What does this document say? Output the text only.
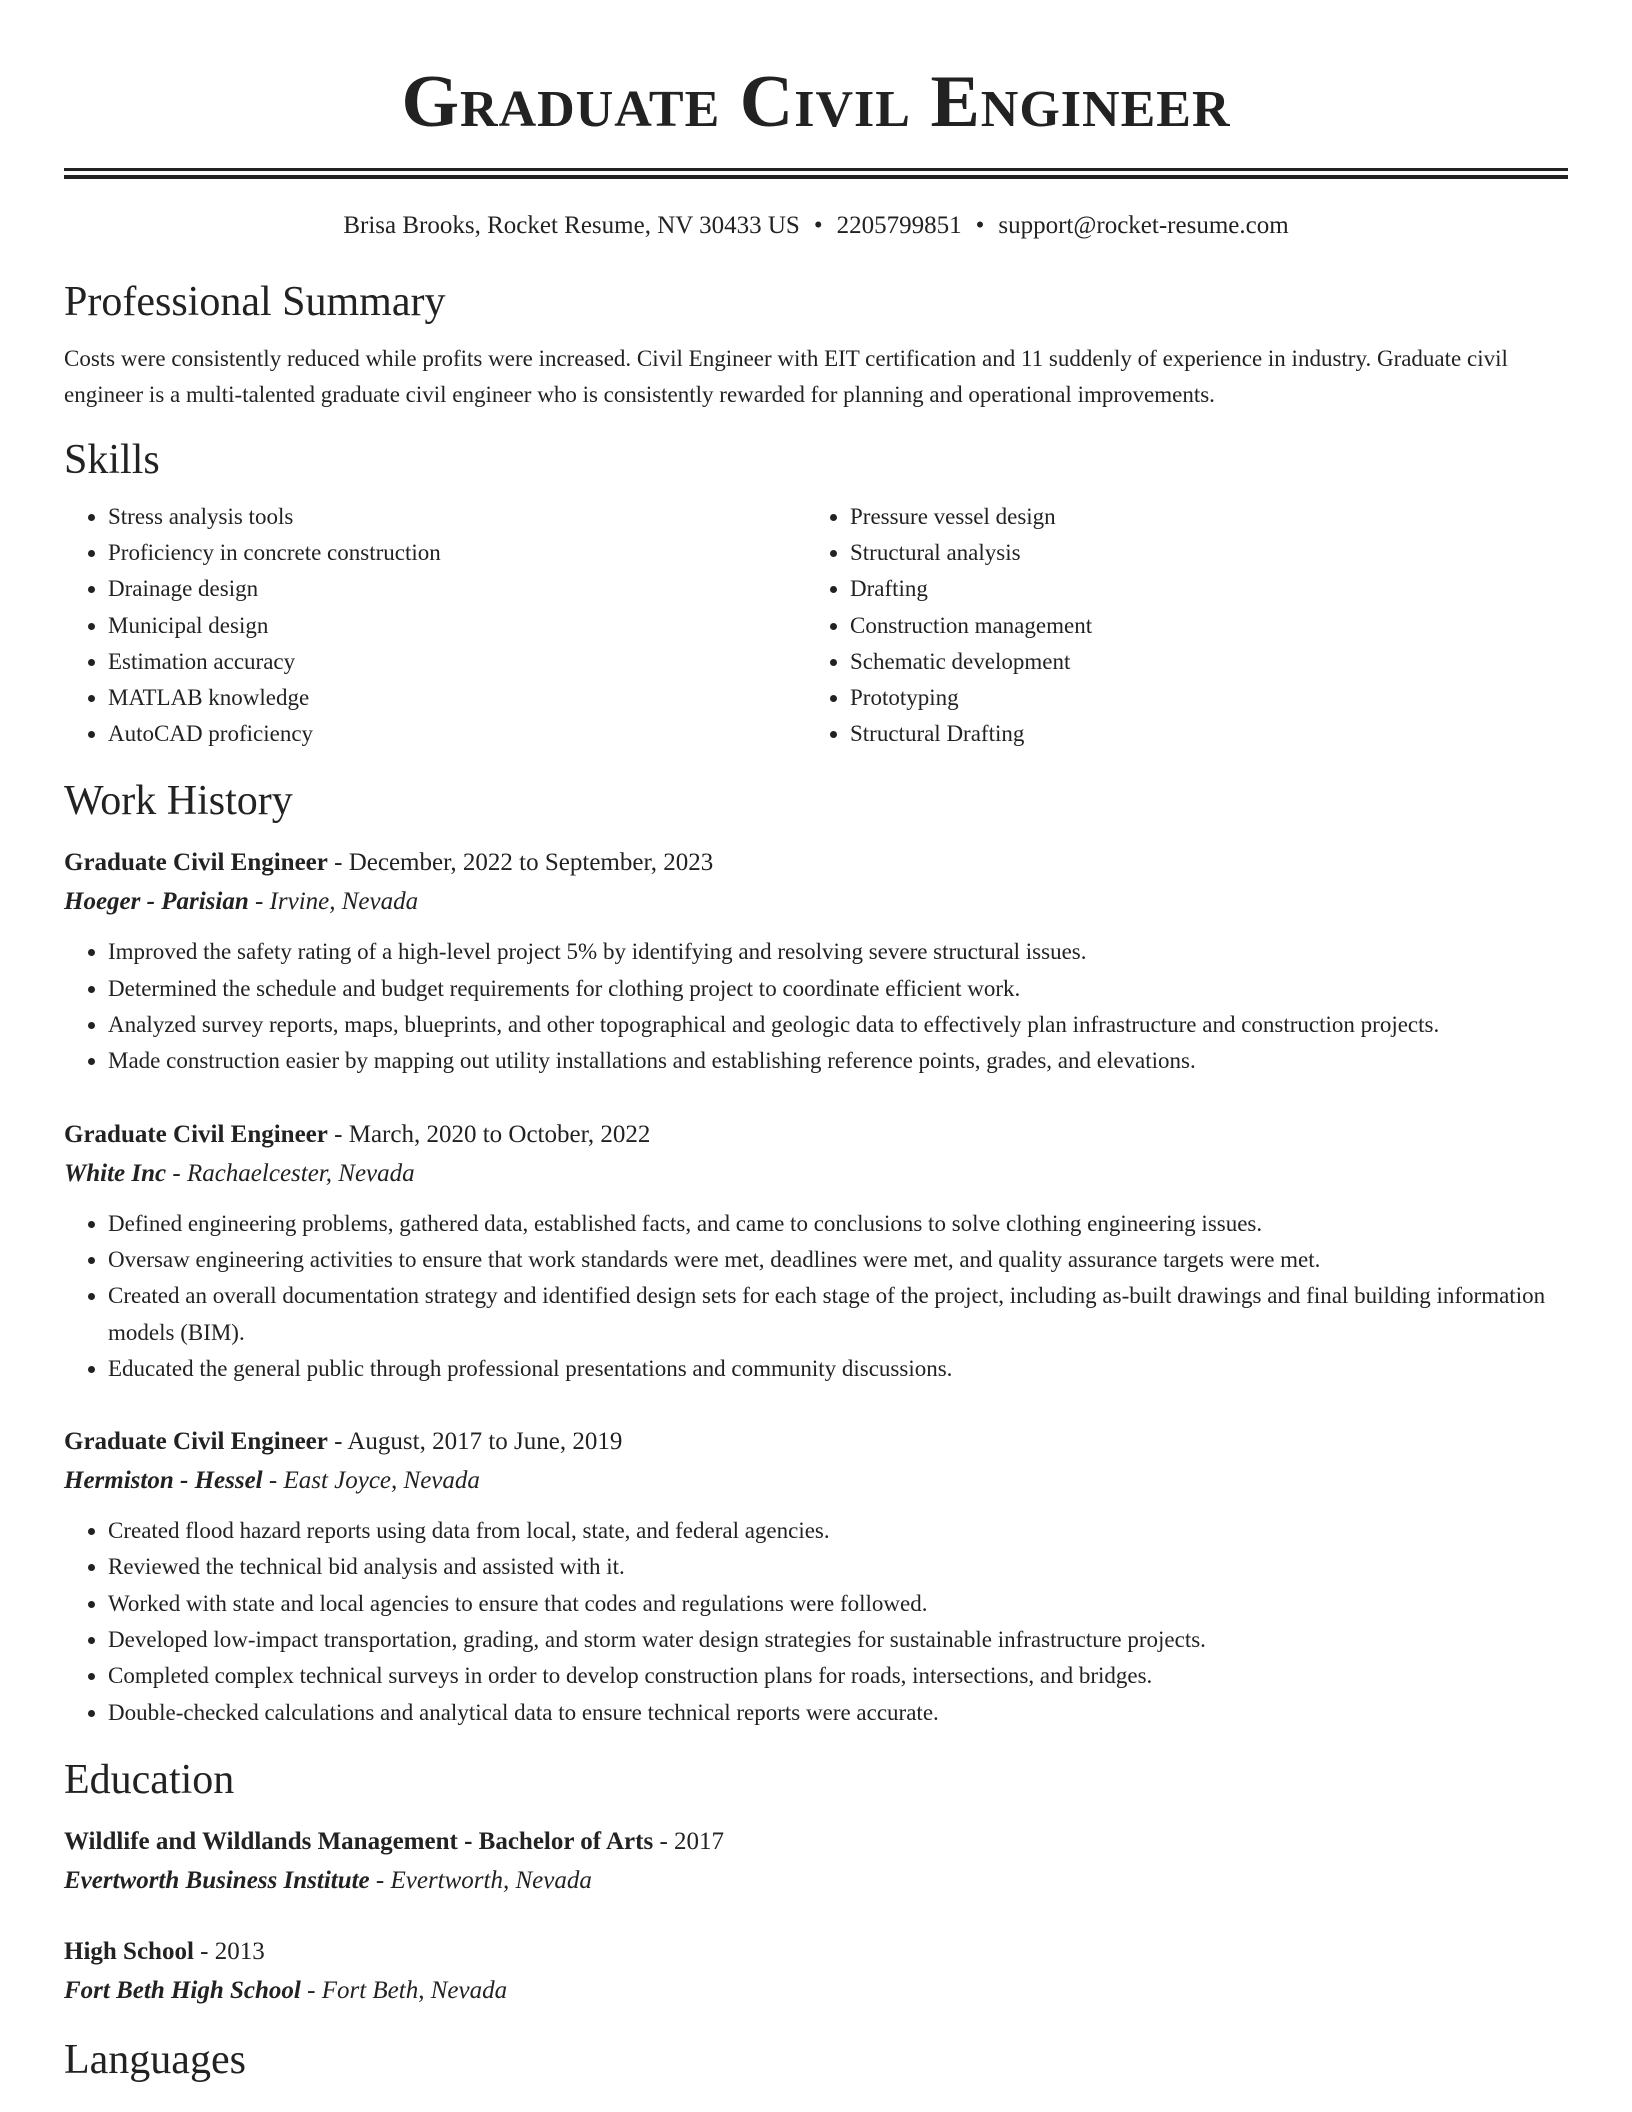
Graduate Civil Engineer
Brisa Brooks, Rocket Resume, NV 30433 US • 2205799851 • support@rocket-resume.com
Professional Summary
Costs were consistently reduced while profits were increased. Civil Engineer with EIT certification and 11 suddenly of experience in industry. Graduate civil engineer is a multi-talented graduate civil engineer who is consistently rewarded for planning and operational improvements.
Skills
• Stress analysis tools
• Proficiency in concrete construction
• Drainage design
• Municipal design
• Estimation accuracy
• MATLAB knowledge
• AutoCAD proficiency
• Pressure vessel design
• Structural analysis
• Drafting
• Construction management
• Schematic development
• Prototyping
• Structural Drafting
Work History
Graduate Civil Engineer - December, 2022 to September, 2023
Hoeger - Parisian - Irvine, Nevada
• Improved the safety rating of a high-level project 5% by identifying and resolving severe structural issues.
• Determined the schedule and budget requirements for clothing project to coordinate efficient work.
• Analyzed survey reports, maps, blueprints, and other topographical and geologic data to effectively plan infrastructure and construction projects.
• Made construction easier by mapping out utility installations and establishing reference points, grades, and elevations.
Graduate Civil Engineer - March, 2020 to October, 2022
White Inc - Rachaelcester, Nevada
• Defined engineering problems, gathered data, established facts, and came to conclusions to solve clothing engineering issues.
• Oversaw engineering activities to ensure that work standards were met, deadlines were met, and quality assurance targets were met.
• Created an overall documentation strategy and identified design sets for each stage of the project, including as-built drawings and final building information models (BIM).
• Educated the general public through professional presentations and community discussions.
Graduate Civil Engineer - August, 2017 to June, 2019
Hermiston - Hessel - East Joyce, Nevada
• Created flood hazard reports using data from local, state, and federal agencies.
• Reviewed the technical bid analysis and assisted with it.
• Worked with state and local agencies to ensure that codes and regulations were followed.
• Developed low-impact transportation, grading, and storm water design strategies for sustainable infrastructure projects.
• Completed complex technical surveys in order to develop construction plans for roads, intersections, and bridges.
• Double-checked calculations and analytical data to ensure technical reports were accurate.
Education
Wildlife and Wildlands Management - Bachelor of Arts - 2017
Evertworth Business Institute - Evertworth, Nevada
High School - 2013
Fort Beth High School - Fort Beth, Nevada
Languages
